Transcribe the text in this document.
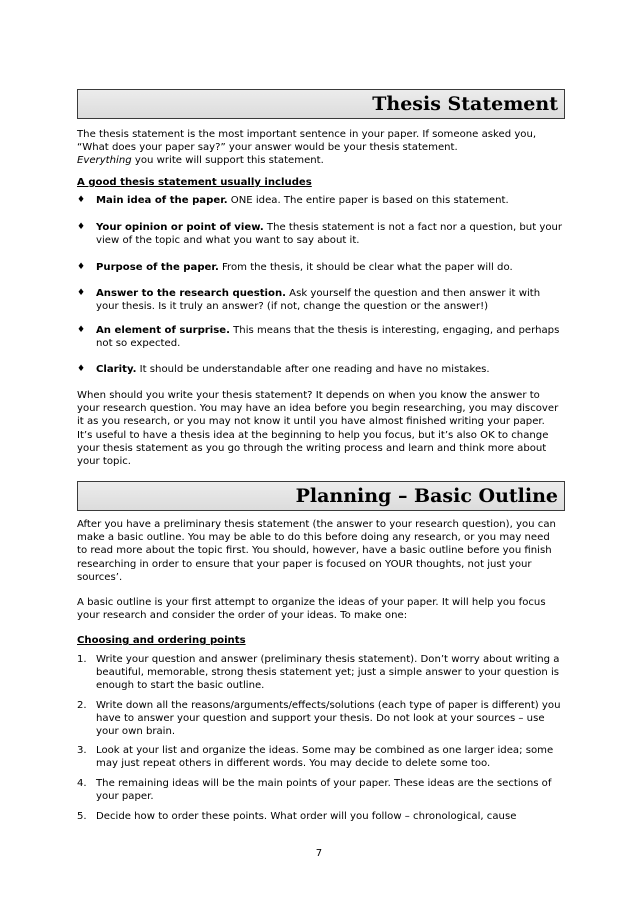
Thesis Statement

The thesis statement is the most important sentence in your paper. If someone asked you, “What does your paper say?” your answer would be your thesis statement.
Everything you write will support this statement.

A good thesis statement usually includes

♦ Main idea of the paper. ONE idea. The entire paper is based on this statement.
♦ Your opinion or point of view. The thesis statement is not a fact nor a question, but your view of the topic and what you want to say about it.
♦ Purpose of the paper. From the thesis, it should be clear what the paper will do.
♦ Answer to the research question. Ask yourself the question and then answer it with your thesis. Is it truly an answer? (if not, change the question or the answer!)
♦ An element of surprise. This means that the thesis is interesting, engaging, and perhaps not so expected.
♦ Clarity. It should be understandable after one reading and have no mistakes.

When should you write your thesis statement? It depends on when you know the answer to your research question. You may have an idea before you begin researching, you may discover it as you research, or you may not know it until you have almost finished writing your paper. It’s useful to have a thesis idea at the beginning to help you focus, but it’s also OK to change your thesis statement as you go through the writing process and learn and think more about your topic.

Planning – Basic Outline

After you have a preliminary thesis statement (the answer to your research question), you can make a basic outline. You may be able to do this before doing any research, or you may need to read more about the topic first. You should, however, have a basic outline before you finish researching in order to ensure that your paper is focused on YOUR thoughts, not just your sources’.

A basic outline is your first attempt to organize the ideas of your paper. It will help you focus your research and consider the order of your ideas. To make one:

Choosing and ordering points

1. Write your question and answer (preliminary thesis statement). Don’t worry about writing a beautiful, memorable, strong thesis statement yet; just a simple answer to your question is enough to start the basic outline.
2. Write down all the reasons/arguments/effects/solutions (each type of paper is different) you have to answer your question and support your thesis. Do not look at your sources – use your own brain.
3. Look at your list and organize the ideas. Some may be combined as one larger idea; some may just repeat others in different words. You may decide to delete some too.
4. The remaining ideas will be the main points of your paper. These ideas are the sections of your paper.
5. Decide how to order these points. What order will you follow – chronological, cause
7
